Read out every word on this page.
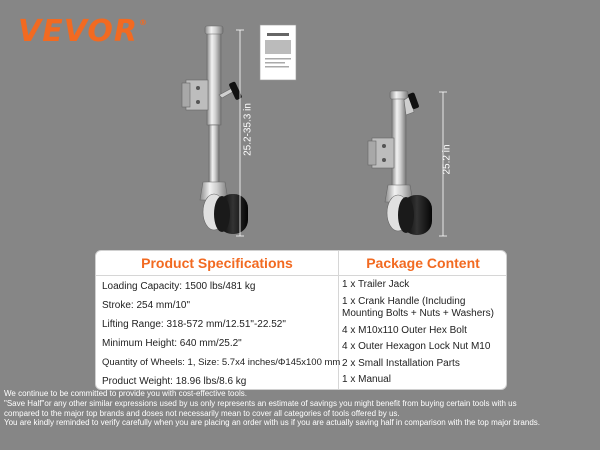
VEVOR®
25.2-35.3 in
25.2 in
Product Specifications
Loading Capacity: 1500 lbs/481 kg
Stroke: 254 mm/10"
Lifting Range: 318-572 mm/12.51"-22.52"
Minimum Height: 640 mm/25.2"
Quantity of Wheels: 1, Size: 5.7x4 inches/Φ145x100 mm
Product Weight: 18.96 lbs/8.6 kg
Package Content
1 x Trailer Jack
1 x Crank Handle (Including Mounting Bolts + Nuts + Washers)
4 x M10x110 Outer Hex Bolt
4 x Outer Hexagon Lock Nut M10
2 x Small Installation Parts
1 x Manual
We continue to be committed to provide you with cost-effective tools.
"Save Half"or any other similar expressions used by us only represents an estimate of savings you might benefit from buying certain tools with us
compared to the major top brands and doses not necessarily mean to cover all categories of tools offered by us.
You are kindly reminded to verify carefully when you are placing an order with us if you are actually saving half in comparison with the top major brands.
